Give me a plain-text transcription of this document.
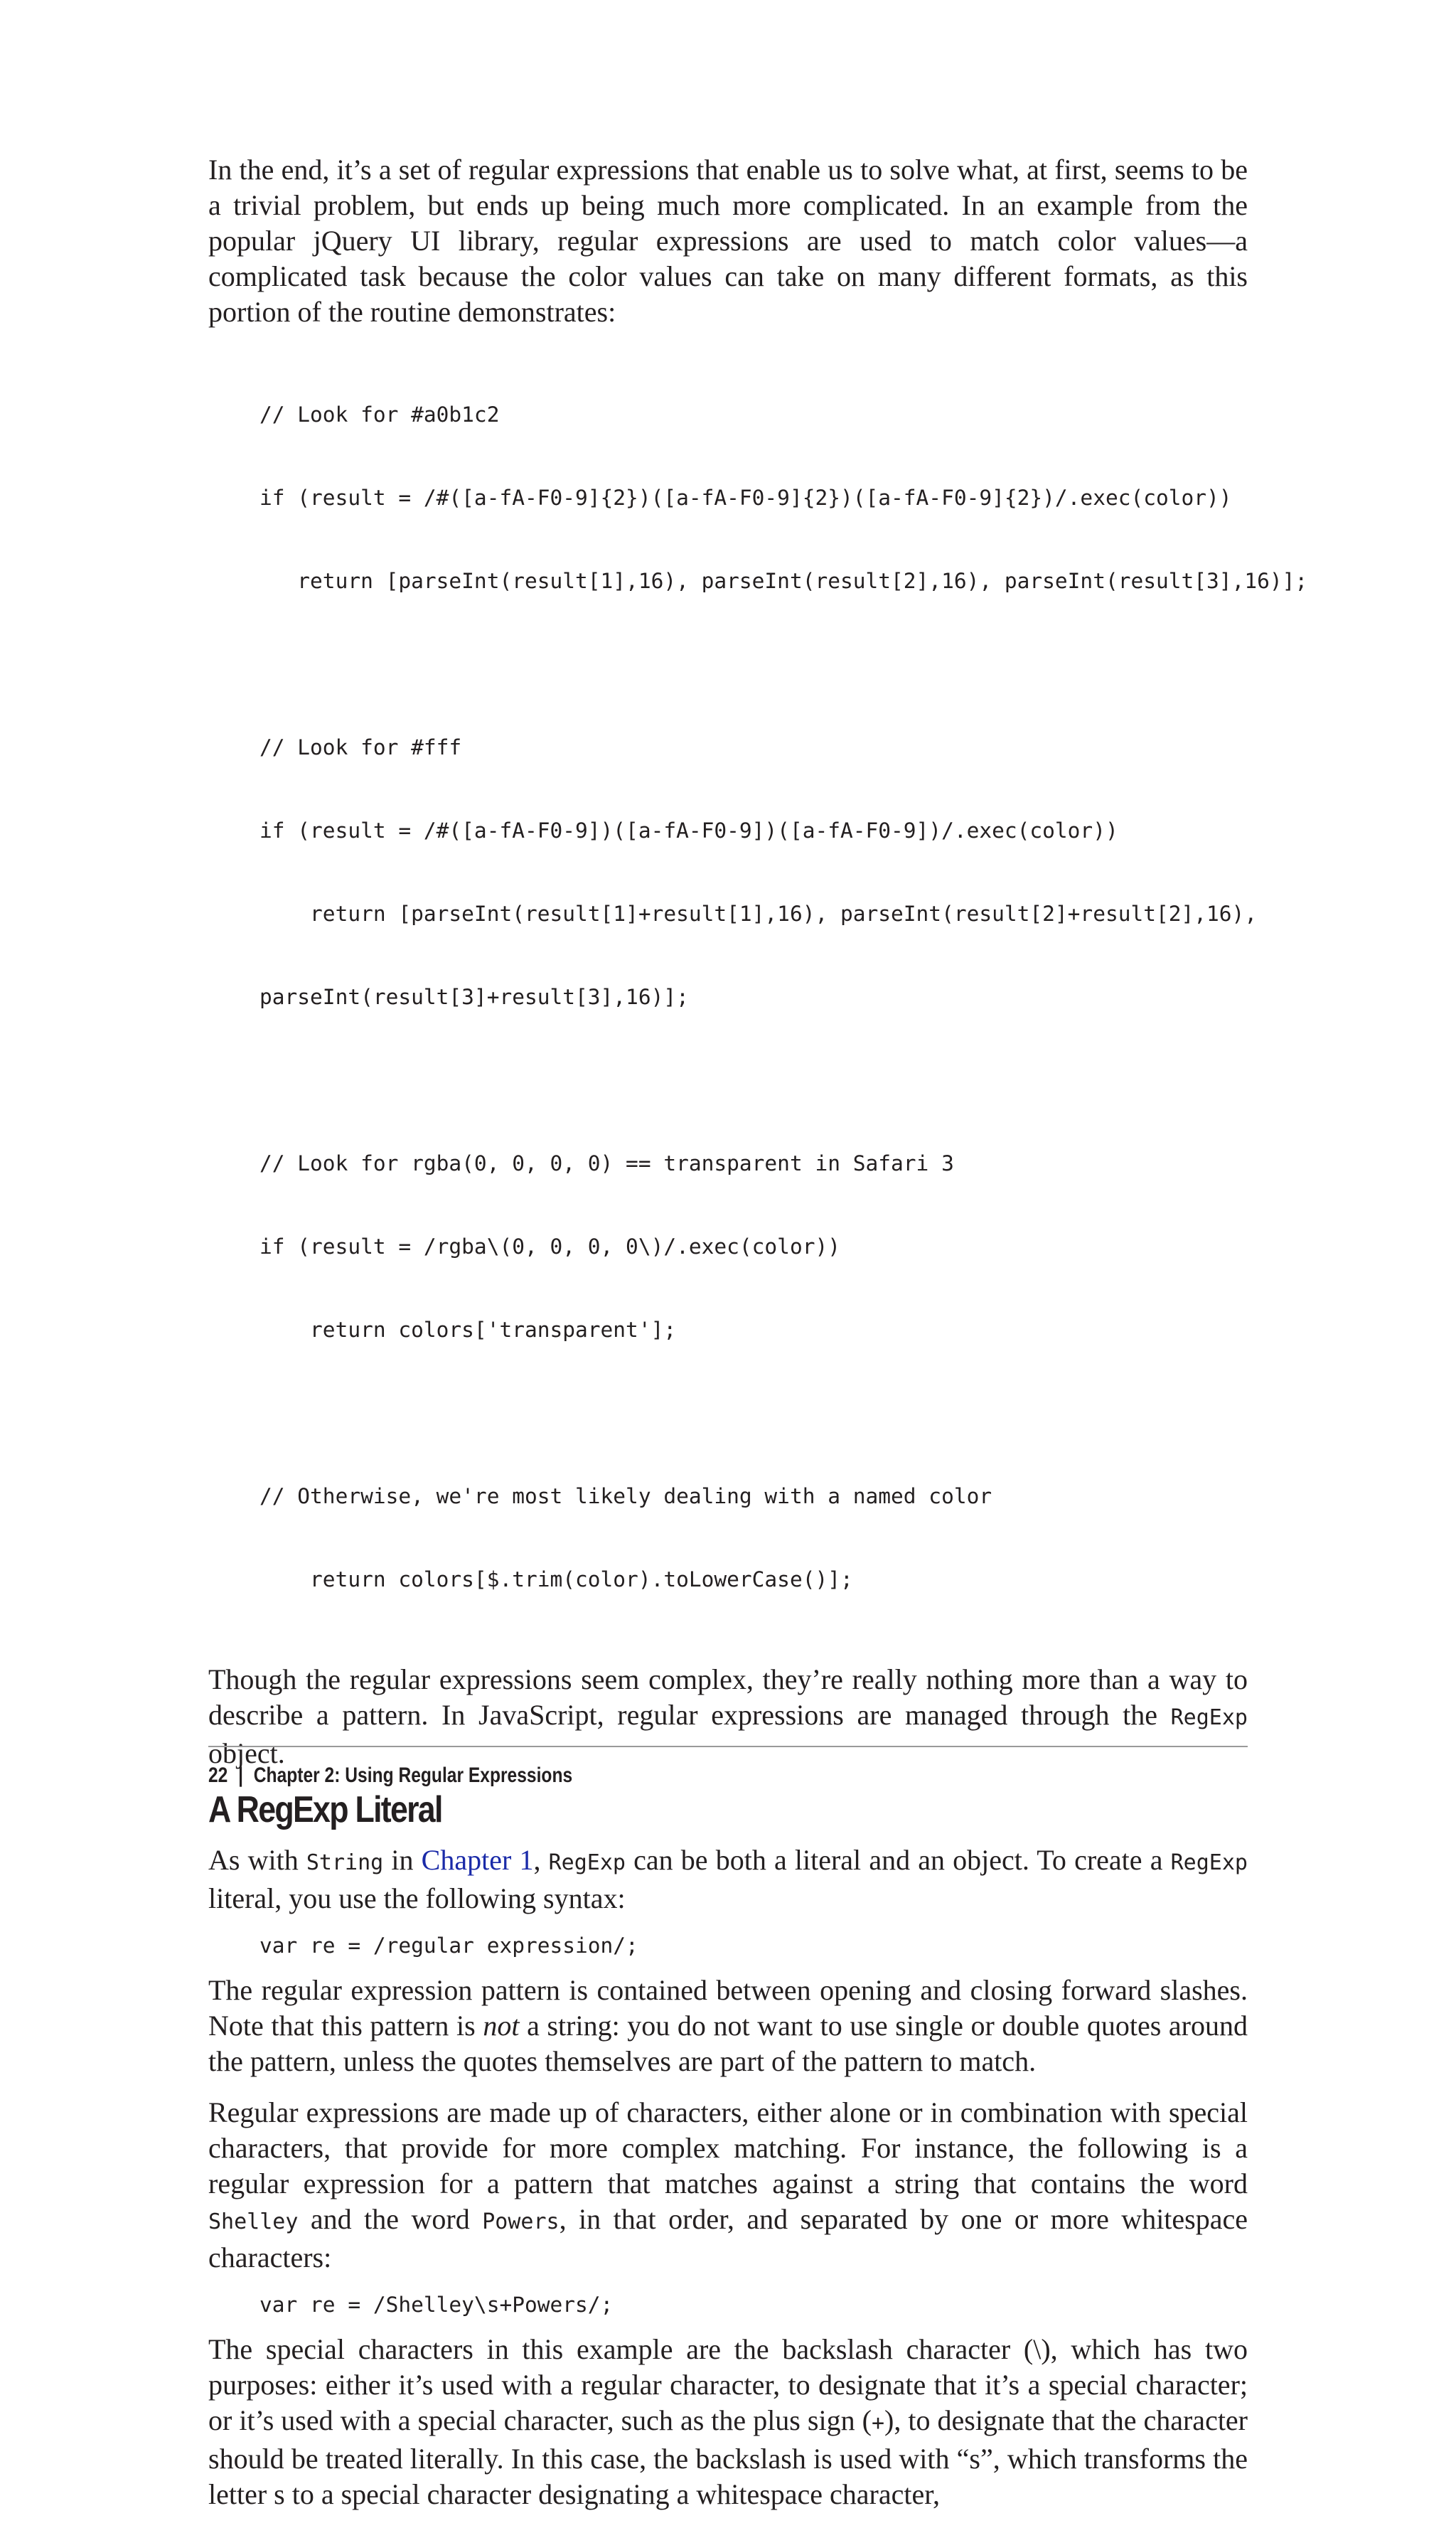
In the end, it’s a set of regular expressions that enable us to solve what, at first, seems to be a trivial problem, but ends up being much more complicated. In an example from the popular jQuery UI library, regular expressions are used to match color values—a complicated task because the color values can take on many different formats, as this portion of the routine demonstrates:

// Look for #a0b1c2

if (result = /#([a-fA-F0-9]{2})([a-fA-F0-9]{2})([a-fA-F0-9]{2})/.exec(color))

return [parseInt(result[1],16), parseInt(result[2],16), parseInt(result[3],16)];

// Look for #fff

if (result = /#([a-fA-F0-9])([a-fA-F0-9])([a-fA-F0-9])/.exec(color))

return [parseInt(result[1]+result[1],16), parseInt(result[2]+result[2],16),

parseInt(result[3]+result[3],16)];

// Look for rgba(0, 0, 0, 0) == transparent in Safari 3

if (result = /rgba\(0, 0, 0, 0\)/.exec(color))

return colors['transparent'];

// Otherwise, we're most likely dealing with a named color

return colors[$.trim(color).toLowerCase()];

Though the regular expressions seem complex, they’re really nothing more than a way to describe a pattern. In JavaScript, regular expressions are managed through the RegExp object.

A RegExp Literal

As with String in Chapter 1, RegExp can be both a literal and an object. To create a RegExp literal, you use the following syntax:

var re = /regular expression/;

The regular expression pattern is contained between opening and closing forward slashes. Note that this pattern is not a string: you do not want to use single or double quotes around the pattern, unless the quotes themselves are part of the pattern to match.

Regular expressions are made up of characters, either alone or in combination with special characters, that provide for more complex matching. For instance, the following is a regular expression for a pattern that matches against a string that contains the word Shelley and the word Powers, in that order, and separated by one or more whitespace characters:

var re = /Shelley\s+Powers/;

The special characters in this example are the backslash character (\), which has two purposes: either it’s used with a regular character, to designate that it’s a special character; or it’s used with a special character, such as the plus sign (+), to designate that the character should be treated literally. In this case, the backslash is used with “s”, which transforms the letter s to a special character designating a whitespace character,

22 | Chapter 2: Using Regular Expressions
